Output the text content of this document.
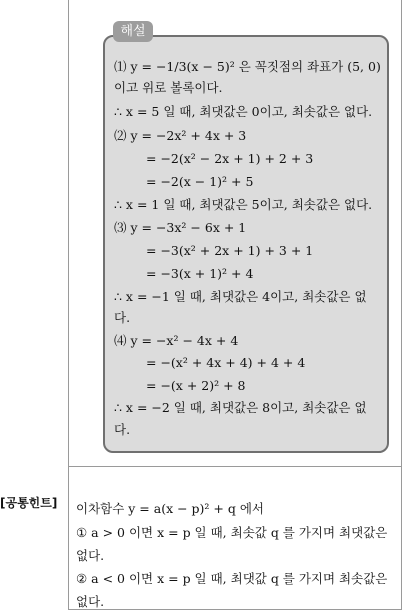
해설
⑴ y = −1/3(x − 5)² 은 꼭짓점의 좌표가 (5, 0)
이고 위로 볼록이다.
∴ x = 5 일 때, 최댓값은 0이고, 최솟값은 없다.
⑵ y = −2x² + 4x + 3
= −2(x² − 2x + 1) + 2 + 3
= −2(x − 1)² + 5
∴ x = 1 일 때, 최댓값은 5이고, 최솟값은 없다.
⑶ y = −3x² − 6x + 1
= −3(x² + 2x + 1) + 3 + 1
= −3(x + 1)² + 4
∴ x = −1 일 때, 최댓값은 4이고, 최솟값은 없
다.
⑷ y = −x² − 4x + 4
= −(x² + 4x + 4) + 4 + 4
= −(x + 2)² + 8
∴ x = −2 일 때, 최댓값은 8이고, 최솟값은 없
다.
[공통힌트] 이차함수 y = a(x − p)² + q 에서
① a > 0 이면 x = p 일 때, 최솟값 q 를 가지며 최댓값은
없다.
② a < 0 이면 x = p 일 때, 최댓값 q 를 가지며 최솟값은
없다.
